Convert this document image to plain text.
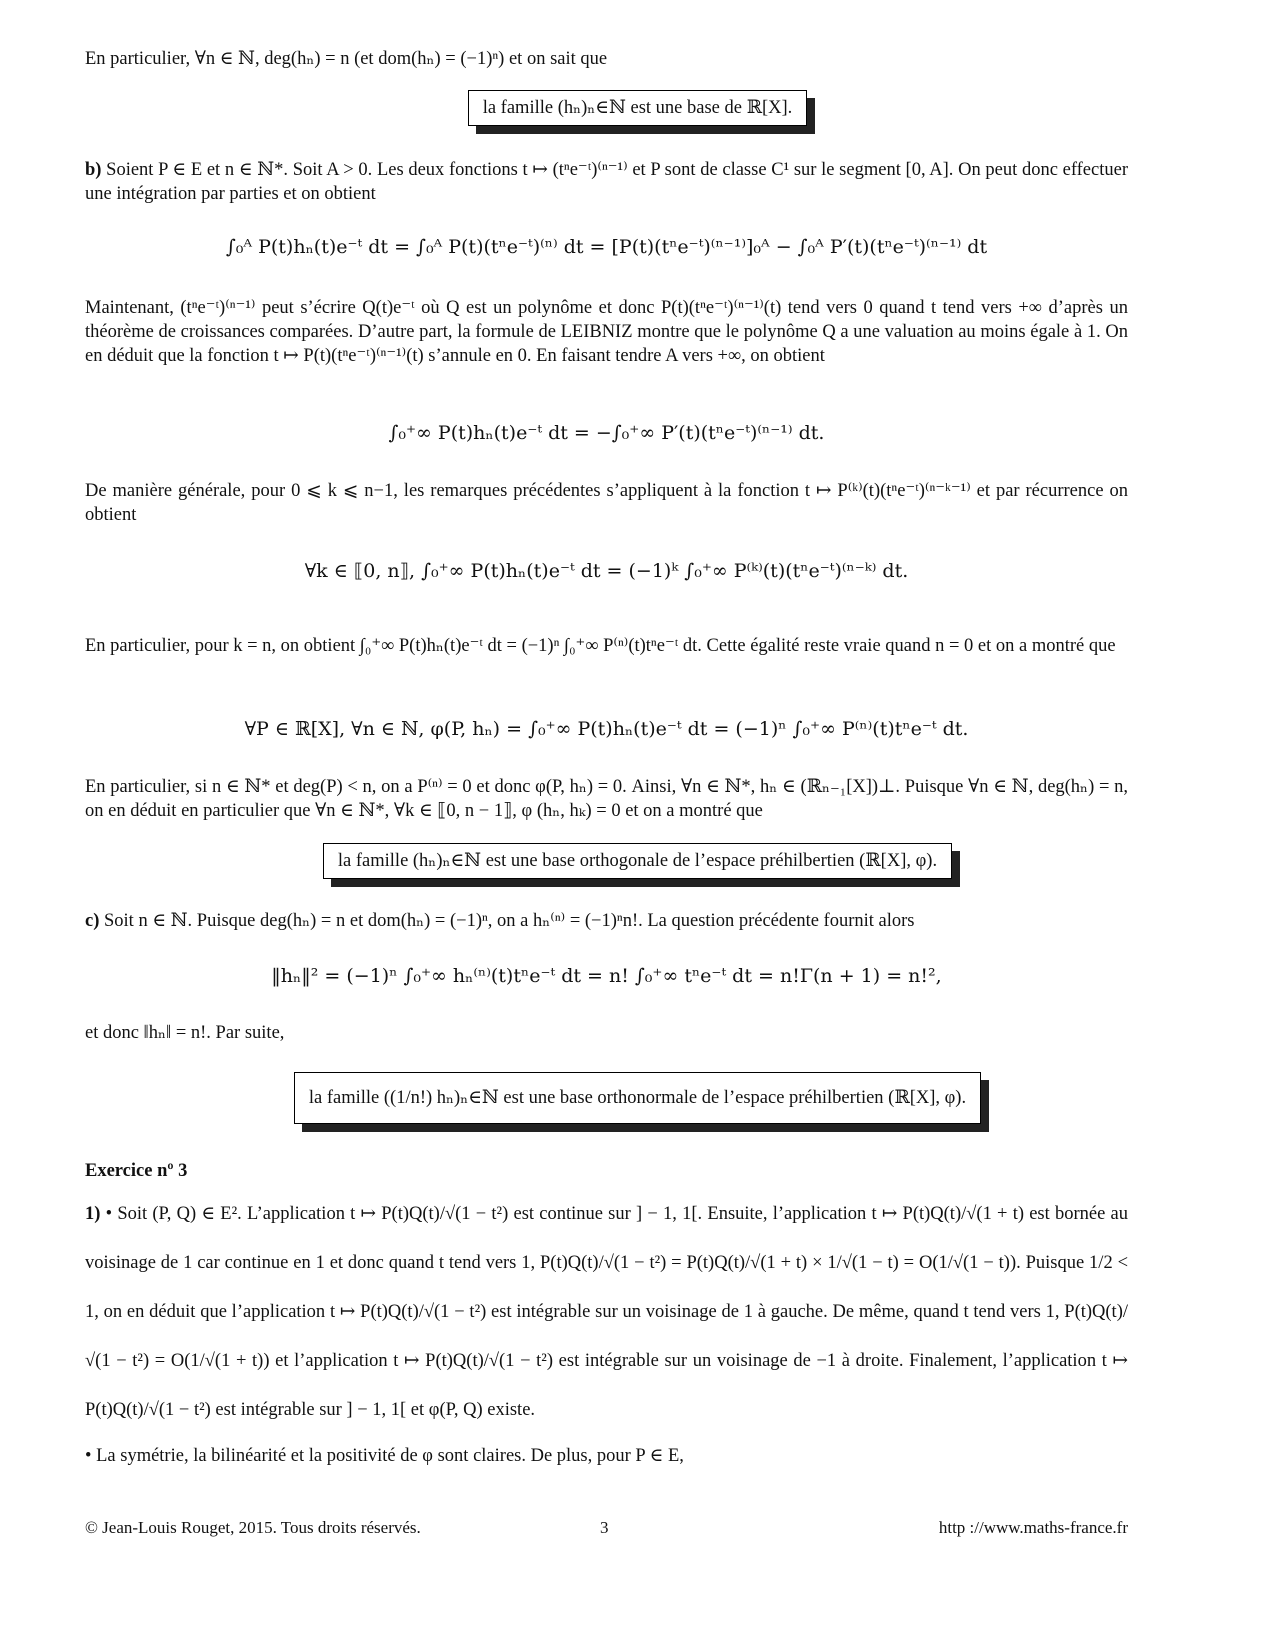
En particulier, ∀n ∈ ℕ, deg(hₙ) = n (et dom(hₙ) = (−1)ⁿ) et on sait que
la famille (hₙ)ₙ∈ℕ est une base de ℝ[X].
b) Soient P ∈ E et n ∈ ℕ*. Soit A > 0. Les deux fonctions t ↦ (tⁿe⁻ᵗ)⁽ⁿ⁻¹⁾ et P sont de classe C¹ sur le segment [0, A]. On peut donc effectuer une intégration par parties et on obtient
∫₀ᴬ P(t)hₙ(t)e⁻ᵗ dt = ∫₀ᴬ P(t)(tⁿe⁻ᵗ)⁽ⁿ⁾ dt = [P(t)(tⁿe⁻ᵗ)⁽ⁿ⁻¹⁾]₀ᴬ − ∫₀ᴬ P′(t)(tⁿe⁻ᵗ)⁽ⁿ⁻¹⁾ dt
Maintenant, (tⁿe⁻ᵗ)⁽ⁿ⁻¹⁾ peut s’écrire Q(t)e⁻ᵗ où Q est un polynôme et donc P(t)(tⁿe⁻ᵗ)⁽ⁿ⁻¹⁾(t) tend vers 0 quand t tend vers +∞ d’après un théorème de croissances comparées. D’autre part, la formule de LEIBNIZ montre que le polynôme Q a une valuation au moins égale à 1. On en déduit que la fonction t ↦ P(t)(tⁿe⁻ᵗ)⁽ⁿ⁻¹⁾(t) s’annule en 0. En faisant tendre A vers +∞, on obtient
∫₀⁺∞ P(t)hₙ(t)e⁻ᵗ dt = −∫₀⁺∞ P′(t)(tⁿe⁻ᵗ)⁽ⁿ⁻¹⁾ dt.
De manière générale, pour 0 ⩽ k ⩽ n−1, les remarques précédentes s’appliquent à la fonction t ↦ P⁽ᵏ⁾(t)(tⁿe⁻ᵗ)⁽ⁿ⁻ᵏ⁻¹⁾ et par récurrence on obtient
∀k ∈ ⟦0, n⟧, ∫₀⁺∞ P(t)hₙ(t)e⁻ᵗ dt = (−1)ᵏ ∫₀⁺∞ P⁽ᵏ⁾(t)(tⁿe⁻ᵗ)⁽ⁿ⁻ᵏ⁾ dt.
En particulier, pour k = n, on obtient ∫₀⁺∞ P(t)hₙ(t)e⁻ᵗ dt = (−1)ⁿ ∫₀⁺∞ P⁽ⁿ⁾(t)tⁿe⁻ᵗ dt. Cette égalité reste vraie quand n = 0 et on a montré que
∀P ∈ ℝ[X], ∀n ∈ ℕ, φ(P, hₙ) = ∫₀⁺∞ P(t)hₙ(t)e⁻ᵗ dt = (−1)ⁿ ∫₀⁺∞ P⁽ⁿ⁾(t)tⁿe⁻ᵗ dt.
En particulier, si n ∈ ℕ* et deg(P) < n, on a P⁽ⁿ⁾ = 0 et donc φ(P, hₙ) = 0. Ainsi, ∀n ∈ ℕ*, hₙ ∈ (ℝₙ₋₁[X])⊥. Puisque ∀n ∈ ℕ, deg(hₙ) = n, on en déduit en particulier que ∀n ∈ ℕ*, ∀k ∈ ⟦0, n − 1⟧, φ (hₙ, hₖ) = 0 et on a montré que
la famille (hₙ)ₙ∈ℕ est une base orthogonale de l’espace préhilbertien (ℝ[X], φ).
c) Soit n ∈ ℕ. Puisque deg(hₙ) = n et dom(hₙ) = (−1)ⁿ, on a hₙ⁽ⁿ⁾ = (−1)ⁿn!. La question précédente fournit alors
‖hₙ‖² = (−1)ⁿ ∫₀⁺∞ hₙ⁽ⁿ⁾(t)tⁿe⁻ᵗ dt = n! ∫₀⁺∞ tⁿe⁻ᵗ dt = n!Γ(n + 1) = n!²,
et donc ‖hₙ‖ = n!. Par suite,
la famille ((1/n!) hₙ)ₙ∈ℕ est une base orthonormale de l’espace préhilbertien (ℝ[X], φ).
Exercice nº 3
1) • Soit (P, Q) ∈ E². L’application t ↦ P(t)Q(t)/√(1 − t²) est continue sur ] − 1, 1[. Ensuite, l’application t ↦ P(t)Q(t)/√(1 + t) est bornée au voisinage de 1 car continue en 1 et donc quand t tend vers 1, P(t)Q(t)/√(1 − t²) = P(t)Q(t)/√(1 + t) × 1/√(1 − t) = O(1/√(1 − t)). Puisque 1/2 < 1, on en déduit que l’application t ↦ P(t)Q(t)/√(1 − t²) est intégrable sur un voisinage de 1 à gauche. De même, quand t tend vers 1, P(t)Q(t)/√(1 − t²) = O(1/√(1 + t)) et l’application t ↦ P(t)Q(t)/√(1 − t²) est intégrable sur un voisinage de −1 à droite. Finalement, l’application t ↦ P(t)Q(t)/√(1 − t²) est intégrable sur ] − 1, 1[ et φ(P, Q) existe.
• La symétrie, la bilinéarité et la positivité de φ sont claires. De plus, pour P ∈ E,
© Jean-Louis Rouget, 2015. Tous droits réservés.	3	http ://www.maths-france.fr
